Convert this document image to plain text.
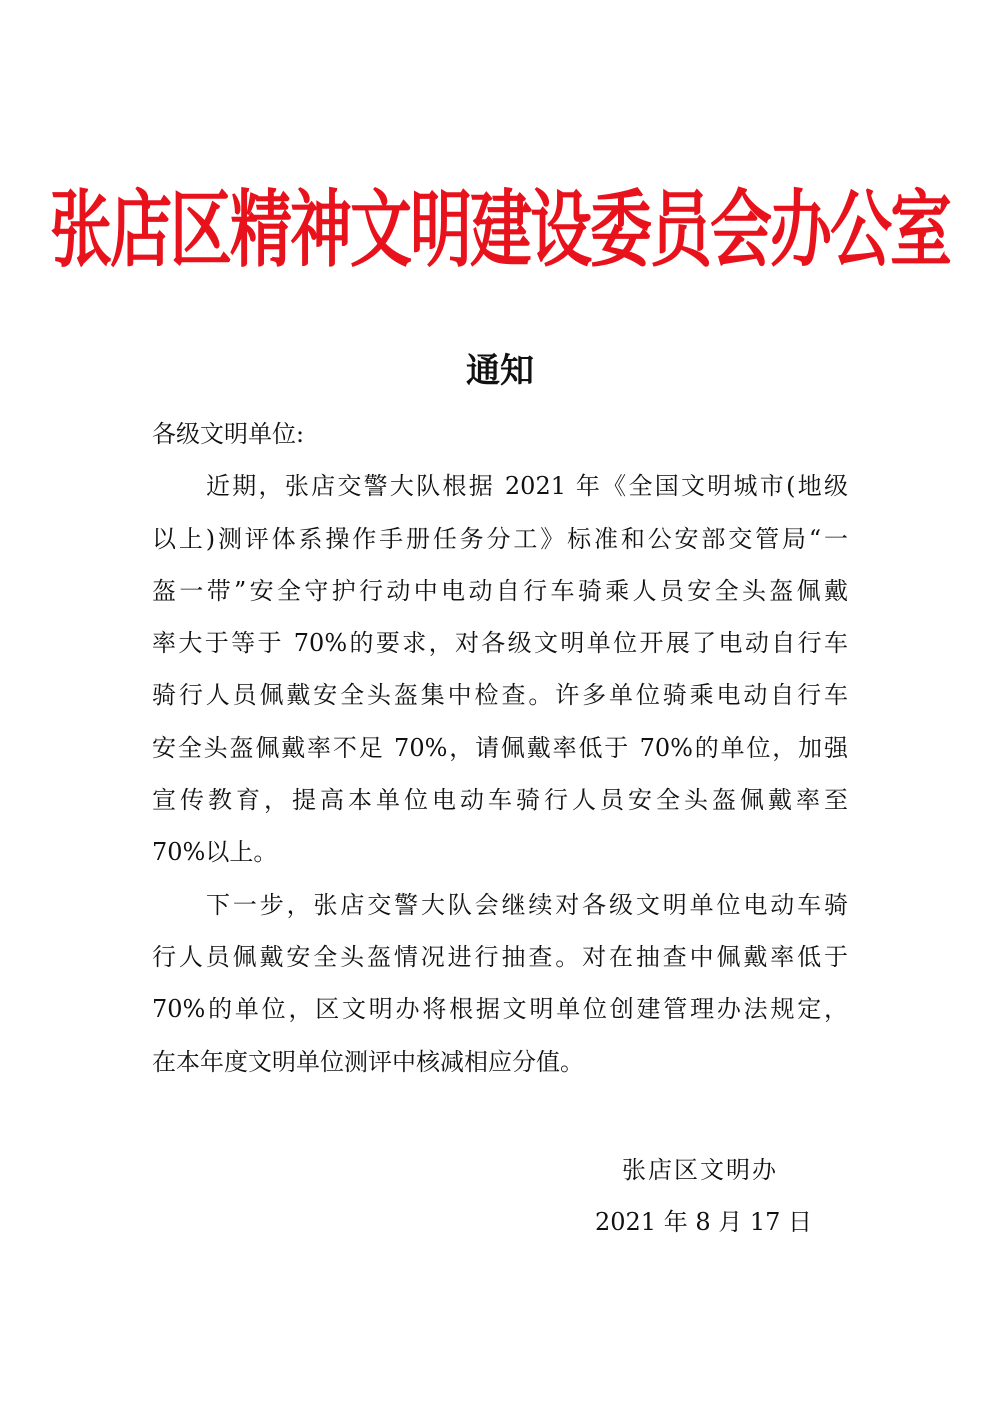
张店区精神文明建设委员会办公室
通知
各级文明单位:
近期，张店交警大队根据 2021 年《全国文明城市(地级
以上)测评体系操作手册任务分工》标准和公安部交管局“一
盔一带”安全守护行动中电动自行车骑乘人员安全头盔佩戴
率大于等于 70%的要求，对各级文明单位开展了电动自行车
骑行人员佩戴安全头盔集中检查。许多单位骑乘电动自行车
安全头盔佩戴率不足 70%，请佩戴率低于 70%的单位，加强
宣传教育，提高本单位电动车骑行人员安全头盔佩戴率至
70%以上。
下一步，张店交警大队会继续对各级文明单位电动车骑
行人员佩戴安全头盔情况进行抽查。对在抽查中佩戴率低于
70%的单位，区文明办将根据文明单位创建管理办法规定，
在本年度文明单位测评中核减相应分值。
张店区文明办
2021 年 8 月 17 日
